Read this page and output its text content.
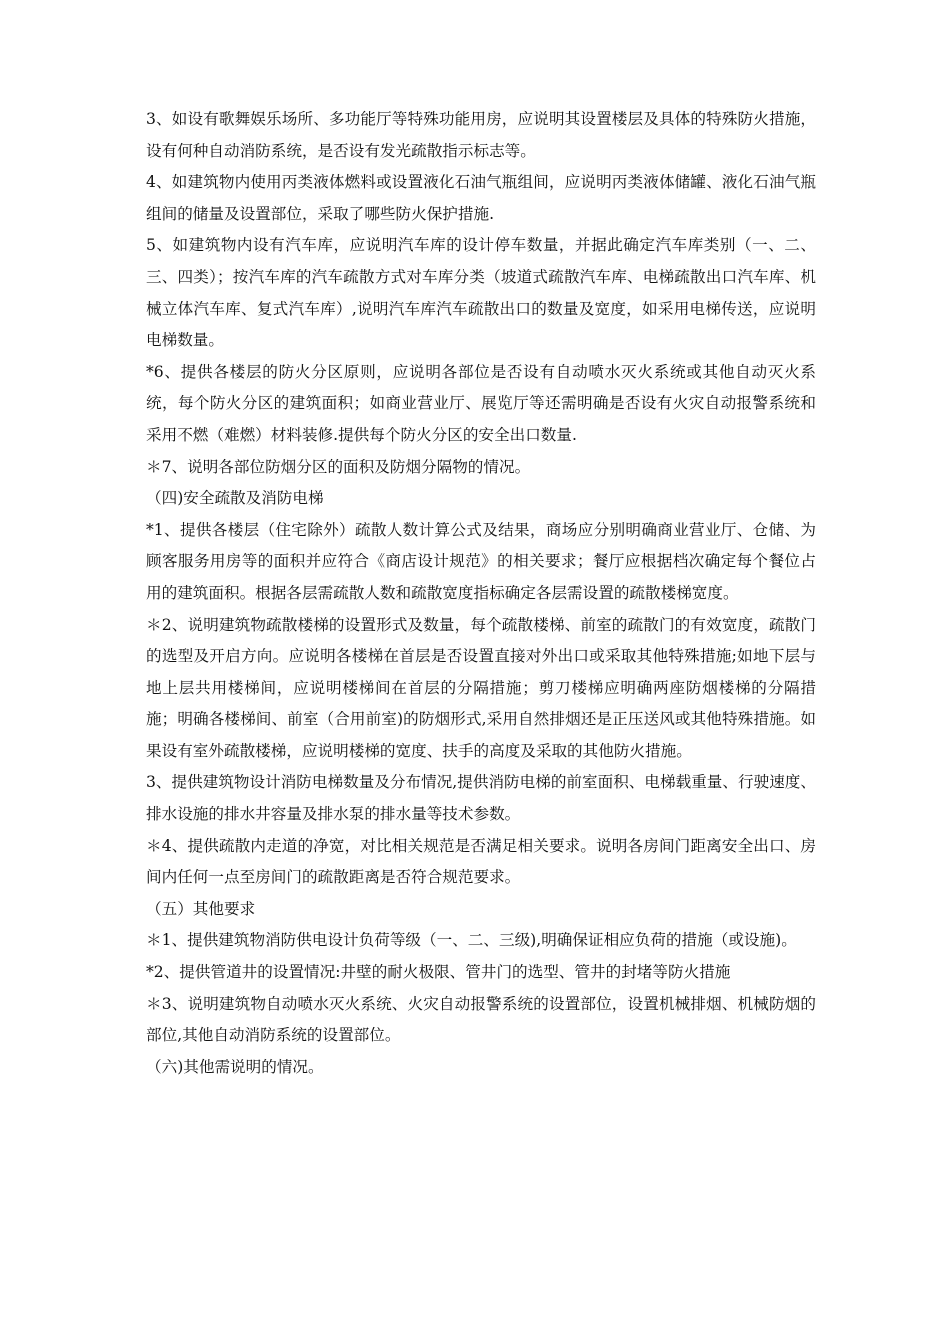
3、如设有歌舞娱乐场所、多功能厅等特殊功能用房，应说明其设置楼层及具体的特殊防火措施，设有何种自动消防系统，是否设有发光疏散指示标志等。

4、如建筑物内使用丙类液体燃料或设置液化石油气瓶组间，应说明丙类液体储罐、液化石油气瓶组间的储量及设置部位，采取了哪些防火保护措施.

5、如建筑物内设有汽车库，应说明汽车库的设计停车数量，并据此确定汽车库类别（一、二、三、四类）；按汽车库的汽车疏散方式对车库分类（坡道式疏散汽车库、电梯疏散出口汽车库、机械立体汽车库、复式汽车库）,说明汽车库汽车疏散出口的数量及宽度，如采用电梯传送，应说明电梯数量。

*6、提供各楼层的防火分区原则，应说明各部位是否设有自动喷水灭火系统或其他自动灭火系统，每个防火分区的建筑面积；如商业营业厅、展览厅等还需明确是否设有火灾自动报警系统和采用不燃（难燃）材料装修.提供每个防火分区的安全出口数量.

＊7、说明各部位防烟分区的面积及防烟分隔物的情况。

（四)安全疏散及消防电梯

*1、提供各楼层（住宅除外）疏散人数计算公式及结果，商场应分别明确商业营业厅、仓储、为顾客服务用房等的面积并应符合《商店设计规范》的相关要求；餐厅应根据档次确定每个餐位占用的建筑面积。根据各层需疏散人数和疏散宽度指标确定各层需设置的疏散楼梯宽度。

＊2、说明建筑物疏散楼梯的设置形式及数量，每个疏散楼梯、前室的疏散门的有效宽度，疏散门的选型及开启方向。应说明各楼梯在首层是否设置直接对外出口或采取其他特殊措施;如地下层与地上层共用楼梯间，应说明楼梯间在首层的分隔措施；剪刀楼梯应明确两座防烟楼梯的分隔措施；明确各楼梯间、前室（合用前室)的防烟形式,采用自然排烟还是正压送风或其他特殊措施。如果设有室外疏散楼梯，应说明楼梯的宽度、扶手的高度及采取的其他防火措施。

3、提供建筑物设计消防电梯数量及分布情况,提供消防电梯的前室面积、电梯载重量、行驶速度、排水设施的排水井容量及排水泵的排水量等技术参数。

＊4、提供疏散内走道的净宽，对比相关规范是否满足相关要求。说明各房间门距离安全出口、房间内任何一点至房间门的疏散距离是否符合规范要求。

（五）其他要求

＊1、提供建筑物消防供电设计负荷等级（一、二、三级),明确保证相应负荷的措施（或设施)。

*2、提供管道井的设置情况:井壁的耐火极限、管井门的选型、管井的封堵等防火措施

＊3、说明建筑物自动喷水灭火系统、火灾自动报警系统的设置部位，设置机械排烟、机械防烟的部位,其他自动消防系统的设置部位。

（六)其他需说明的情况。
